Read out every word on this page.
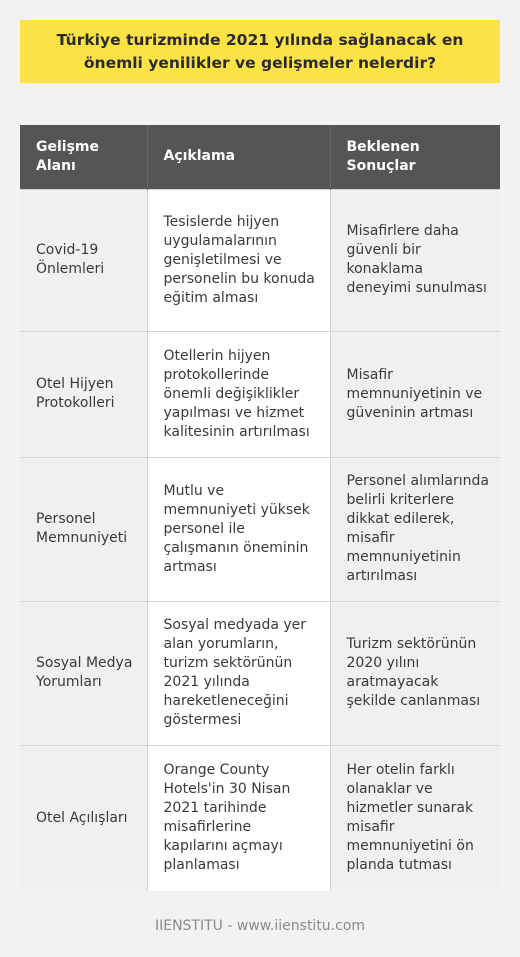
Türkiye turizminde 2021 yılında sağlanacak en önemli yenilikler ve gelişmeler nelerdir?
Gelişme Alanı	Açıklama	Beklenen Sonuçlar
Covid-19 Önlemleri	Tesislerde hijyen uygulamalarının genişletilmesi ve personelin bu konuda eğitim alması	Misafirlere daha güvenli bir konaklama deneyimi sunulması
Otel Hijyen Protokolleri	Otellerin hijyen protokollerinde önemli değişiklikler yapılması ve hizmet kalitesinin artırılması	Misafir memnuniyetinin ve güveninin artması
Personel Memnuniyeti	Mutlu ve memnuniyeti yüksek personel ile çalışmanın öneminin artması	Personel alımlarında belirli kriterlere dikkat edilerek, misafir memnuniyetinin artırılması
Sosyal Medya Yorumları	Sosyal medyada yer alan yorumların, turizm sektörünün 2021 yılında hareketleneceğini göstermesi	Turizm sektörünün 2020 yılını aratmayacak şekilde canlanması
Otel Açılışları	Orange County Hotels'in 30 Nisan 2021 tarihinde misafirlerine kapılarını açmayı planlaması	Her otelin farklı olanaklar ve hizmetler sunarak misafir memnuniyetini ön planda tutması
IIENSTITU - www.iienstitu.com
